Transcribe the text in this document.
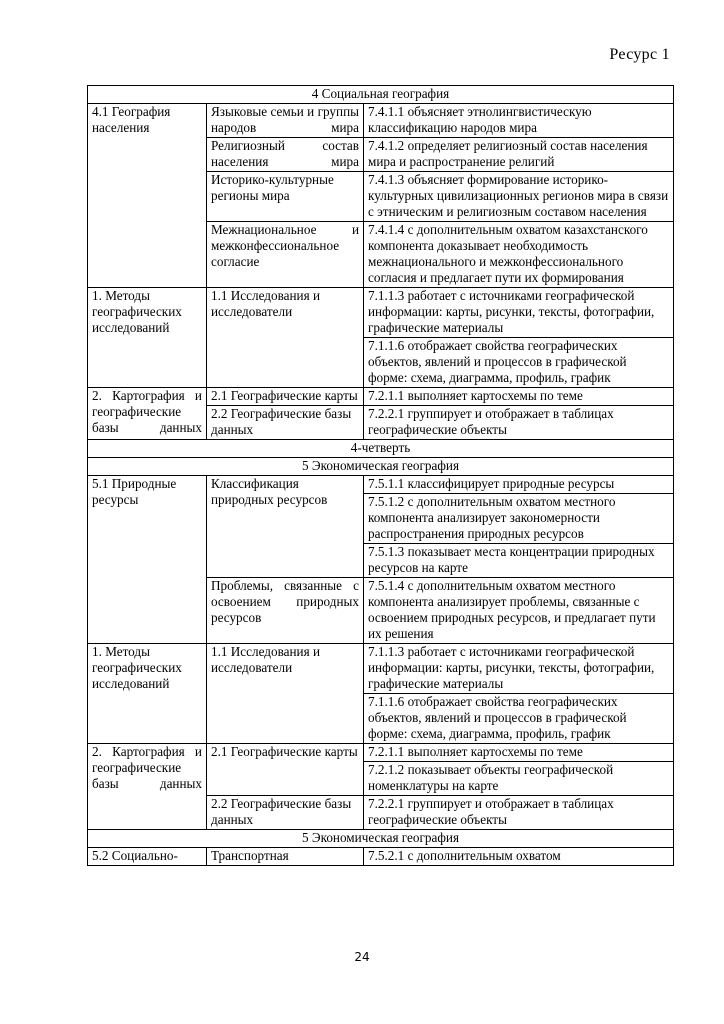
Ресурс 1
4 Социальная география		
4.1 География населения	Языковые семьи и группы народов мира	7.4.1.1 объясняет этнолингвистическую классификацию народов мира
	Религиозный состав населения мира	7.4.1.2 определяет религиозный состав населения мира и распространение религий
	Историко-культурные регионы мира	7.4.1.3 объясняет формирование историко-культурных цивилизационных регионов мира в связи с этническим и религиозным составом населения
	Межнациональное и межконфессиональное согласие	7.4.1.4 с дополнительным охватом казахстанского компонента доказывает необходимость межнационального и межконфессионального согласия и предлагает пути их формирования
1. Методы географических исследований	1.1 Исследования и исследователи	7.1.1.3 работает с источниками географической информации: карты, рисунки, тексты, фотографии, графические материалы
		7.1.1.6 отображает свойства географических объектов, явлений и процессов в графической форме: схема, диаграмма, профиль, график
2. Картография и географические базы данных	2.1 Географические карты	7.2.1.1 выполняет картосхемы по теме
	2.2 Географические базы данных	7.2.2.1 группирует и отображает в таблицах географические объекты
4-четверть		
5 Экономическая география		
5.1 Природные ресурсы	Классификация природных ресурсов	7.5.1.1 классифицирует природные ресурсы
		7.5.1.2 с дополнительным охватом местного компонента анализирует закономерности распространения природных ресурсов
		7.5.1.3 показывает места концентрации природных ресурсов на карте
	Проблемы, связанные с освоением природных ресурсов	7.5.1.4 с дополнительным охватом местного компонента анализирует проблемы, связанные с освоением природных ресурсов, и предлагает пути их решения
1. Методы географических исследований	1.1 Исследования и исследователи	7.1.1.3 работает с источниками географической информации: карты, рисунки, тексты, фотографии, графические материалы
		7.1.1.6 отображает свойства географических объектов, явлений и процессов в графической форме: схема, диаграмма, профиль, график
2. Картография и географические базы данных	2.1 Географические карты	7.2.1.1 выполняет картосхемы по теме
		7.2.1.2 показывает объекты географической номенклатуры на карте
	2.2 Географические базы данных	7.2.2.1 группирует и отображает в таблицах географические объекты
5 Экономическая география		
5.2 Социально-	Транспортная	7.5.2.1 с дополнительным охватом
24
